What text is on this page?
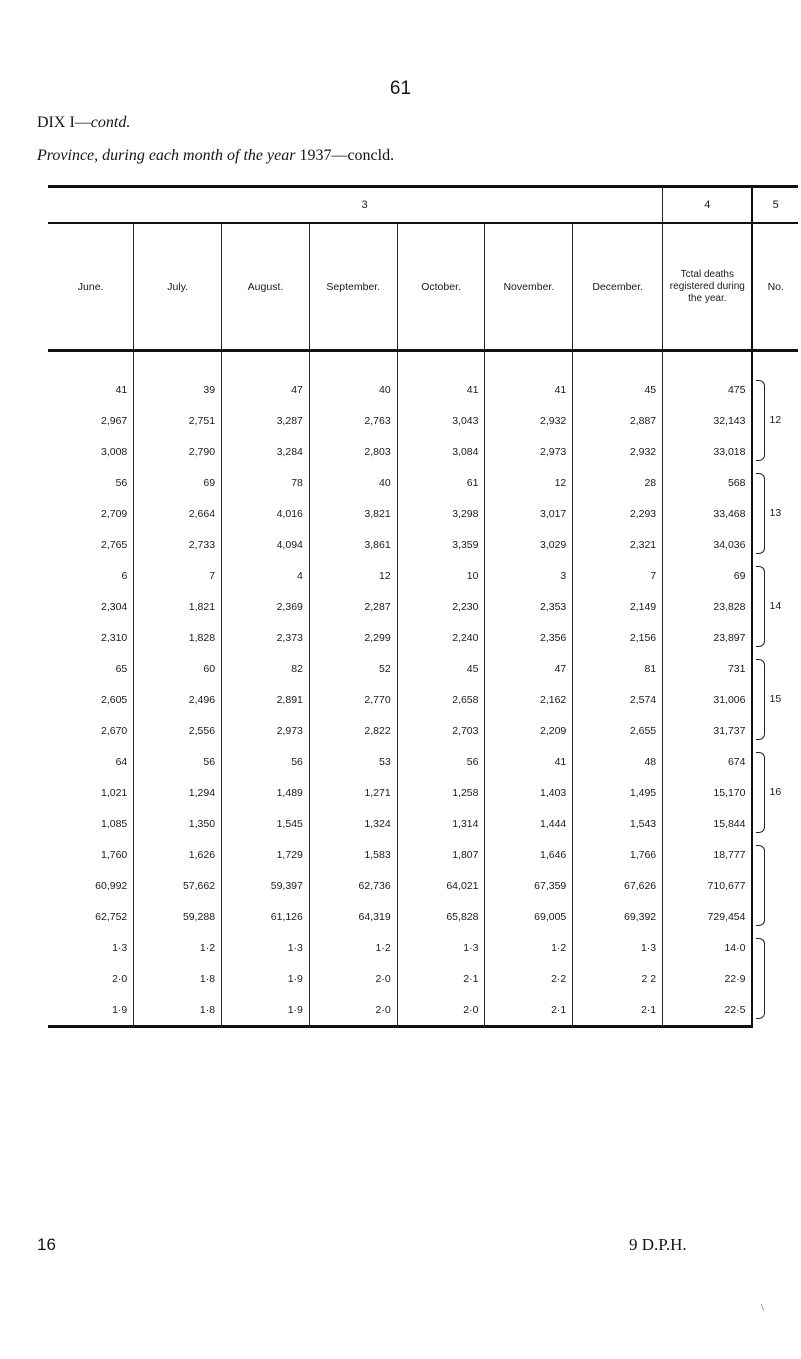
61
DIX I—contd.
Province, during each month of the year 1937—concld.
3							4	5
June.	July.	August.	September.	October.	November.	December.	Tctal deaths registered during the year.	No.

41	39	47	40	41	41	45	475	12

2,967	2,751	3,287	2,763	3,043	2,932	2,887	32,143	
3,008	2,790	3,284	2,803	3,084	2,973	2,932	33,018	
56	69	78	40	61	12	28	568	13

2,709	2,664	4,016	3,821	3,298	3,017	2,293	33,468	
2,765	2,733	4,094	3,861	3,359	3,029	2,321	34,036	
6	7	4	12	10	3	7	69	14

2,304	1,821	2,369	2,287	2,230	2,353	2,149	23,828	
2,310	1,828	2,373	2,299	2,240	2,356	2,156	23,897	
65	60	82	52	45	47	81	731	15

2,605	2,496	2,891	2,770	2,658	2,162	2,574	31,006	
2,670	2,556	2,973	2,822	2,703	2,209	2,655	31,737	
64	56	56	53	56	41	48	674	16

1,021	1,294	1,489	1,271	1,258	1,403	1,495	15,170	
1,085	1,350	1,545	1,324	1,314	1,444	1,543	15,844	
1,760	1,626	1,729	1,583	1,807	1,646	1,766	18,777	

60,992	57,662	59,397	62,736	64,021	67,359	67,626	710,677	
62,752	59,288	61,126	64,319	65,828	69,005	69,392	729,454	
1·3	1·2	1·3	1·2	1·3	1·2	1·3	14·0	

2·0	1·8	1·9	2·0	2·1	2·2	2 2	22·9	
1·9	1·8	1·9	2·0	2·0	2·1	2·1	22·5	
16	9 D.P.H.
\
